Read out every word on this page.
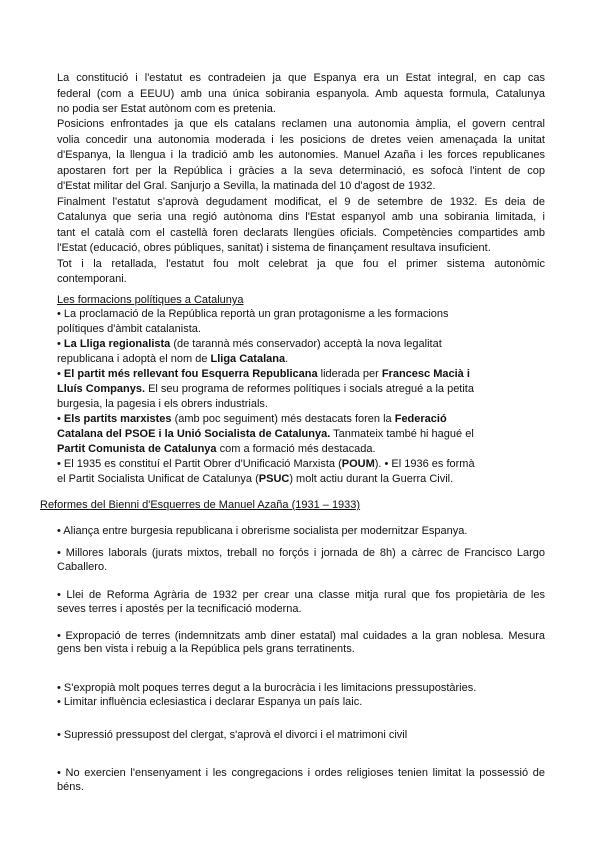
La constitució i l'estatut es contradeien ja que Espanya era un Estat integral, en cap cas
federal (com a EEUU) amb una única sobirania espanyola. Amb aquesta formula, Catalunya
no podia ser Estat autònom com es pretenia.
Posicions enfrontades ja que els catalans reclamen una autonomia àmplia, el govern central
volia concedir una autonomia moderada i les posicions de dretes veien amenaçada la unitat
d'Espanya, la llengua i la tradició amb les autonomies. Manuel Azaña i les forces republicanes
apostaren fort per la República i gràcies a la seva determinació, es sofocà l'intent de cop
d'Estat militar del Gral. Sanjurjo a Sevilla, la matinada del 10 d'agost de 1932.
Finalment l'estatut s'aprovà degudament modificat, el 9 de setembre de 1932. Es deia de
Catalunya que seria una regió autònoma dins l'Estat espanyol amb una sobirania limitada, i
tant el català com el castellà foren declarats llengües oficials. Competències compartides amb
l'Estat (educació, obres públiques, sanitat) i sistema de finançament resultava insuficient.
Tot i la retallada, l'estatut fou molt celebrat ja que fou el primer sistema autonòmic
contemporani.
Les formacions polítiques a Catalunya
• La proclamació de la República reportà un gran protagonisme a les formacions
polítiques d'àmbit catalanista.
• La Lliga regionalista (de tarannà més conservador) acceptà la nova legalitat
republicana i adoptà el nom de Lliga Catalana.
• El partit més rellevant fou Esquerra Republicana liderada per Francesc Macià i
Lluís Companys. El seu programa de reformes polítiques i socials atregué a la petita
burgesia, la pagesia i els obrers industrials.
• Els partits marxistes (amb poc seguiment) més destacats foren la Federació
Catalana del PSOE i la Unió Socialista de Catalunya. Tanmateix també hi hagué el
Partit Comunista de Catalunya com a formació més destacada.
• El 1935 es constituí el Partit Obrer d'Unificació Marxista (POUM). • El 1936 es formà
el Partit Socialista Unificat de Catalunya (PSUC) molt actiu durant la Guerra Civil.
Reformes del Bienni d'Esquerres de Manuel Azaña (1931 – 1933)
• Aliança entre burgesia republicana i obrerisme socialista per modernitzar Espanya.
• Millores laborals (jurats mixtos, treball no forçós i jornada de 8h) a càrrec de Francisco Largo
Caballero.
• Llei de Reforma Agrària de 1932 per crear una classe mitja rural que fos propietària de les
seves terres i apostés per la tecnificació moderna.
• Expropació de terres (indemnitzats amb diner estatal) mal cuidades a la gran noblesa. Mesura
gens ben vista i rebuig a la República pels grans terratinents.
• S'expropià molt poques terres degut a la burocràcia i les limitacions pressupostàries.
• Limitar influència eclesiastica i declarar Espanya un país laic.
• Supressió pressupost del clergat, s'aprovà el divorci i el matrimoni civil
• No exercien l'ensenyament i les congregacions i ordes religioses tenien limitat la possessió de
béns.
